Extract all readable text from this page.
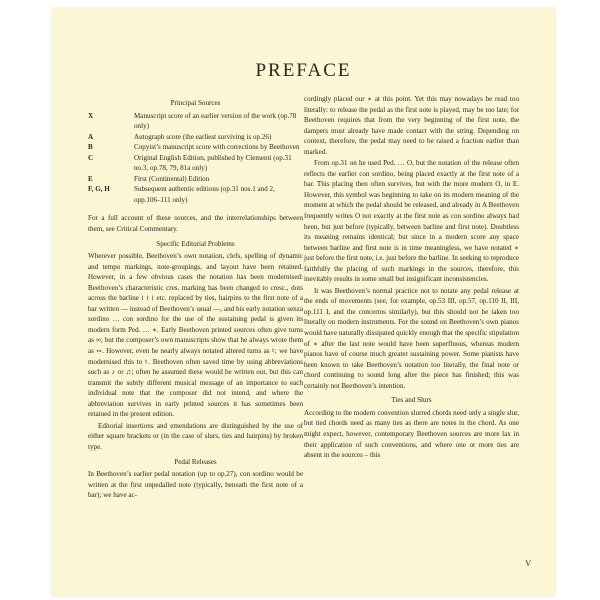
PREFACE
Principal Sources
X	Manuscript score of an earlier version of the work (op.78 only)
A	Autograph score (the earliest surviving is op.26)
B	Copyist’s manuscript score with corrections by Beethoven
C	Original English Edition, published by Clementi (op.31 no.3, op.78, 79, 81a only)
E	First (Continental) Edition
F, G, H	Subsequent authentic editions (op.31 nos.1 and 2, opp.106–111 only)

For a full account of these sources, and the interrelationships between them, see Critical Commentary.

Specific Editorial Problems

Wherever possible, Beethoven’s own notation, clefs, spelling of dynamic and tempo markings, note-groupings, and layout have been retained. However, in a few obvious cases the notation has been modernised: Beethoven’s characteristic cres. marking has been changed to cresc., dots across the barline ≀ ≀ ≀ etc. replaced by ties, hairpins to the first note of a bar written — instead of Beethoven’s usual —, and his early notation senza sordino … con sordino for the use of the sustaining pedal is given its modern form Ped. … ∗. Early Beethoven printed sources often give turns as ∞; but the composer’s own manuscripts show that he always wrote them as ∾. However, even he nearly always notated altered turns as ♮; we have modernised this to ♮. Beethoven often saved time by using abbreviations such as ♪ or ♫; often he assumed these would be written out, but this can transmit the subtly different musical message of an importance to each individual note that the composer did not intend, and where the abbreviation survives in early printed sources it has sometimes been retained in the present edition.

Editorial insertions and emendations are distinguished by the use of either square brackets or (in the case of slurs, ties and hairpins) by broken type.

Pedal Releases

In Beethoven’s earlier pedal notation (up to op.27), con sordino would be written at the first unpedalled note (typically, beneath the first note of a bar); we have ac-

cordingly placed our ∗ at this point. Yet this may nowadays be read too literally: to release the pedal as the first note is played, may be too late; for Beethoven requires that from the very beginning of the first note, the dampers must already have made contact with the string. Depending on context, therefore, the pedal may need to be raised a fraction earlier than marked.

From op.31 on he used Ped. … O, but the notation of the release often reflects the earlier con sordino, being placed exactly at the first note of a bar. This placing then often survives, but with the more modern O, in E. However, this symbol was beginning to take on its modern meaning of the moment at which the pedal should be released, and already in A Beethoven frequently writes O not exactly at the first note as con sordino always had been, but just before (typically, between barline and first note). Doubtless its meaning remains identical; but since in a modern score any space between barline and first note is in time meaningless, we have notated ∗ just before the first note, i.e. just before the barline. In seeking to reproduce faithfully the placing of such markings in the sources, therefore, this inevitably results in some small but insignificant inconsistencies.

It was Beethoven’s normal practice not to notate any pedal release at the ends of movements (see, for example, op.53 III, op.57, op.110 II, III, op.111 I, and the concertos similarly), but this should not be taken too literally on modern instruments. For the sound on Beethoven’s own pianos would have naturally dissipated quickly enough that the specific stipulation of ∗ after the last note would have been superfluous, whereas modern pianos have of course much greater sustaining power. Some pianists have been known to take Beethoven’s notation too literally, the final note or chord continuing to sound long after the piece has finished; this was certainly not Beethoven’s intention.

Ties and Slurs

According to the modern convention slurred chords need only a single slur, but tied chords need as many ties as there are notes in the chord. As one might expect, however, contemporary Beethoven sources are more lax in their application of such conventions, and where one or more ties are absent in the sources – this

V
